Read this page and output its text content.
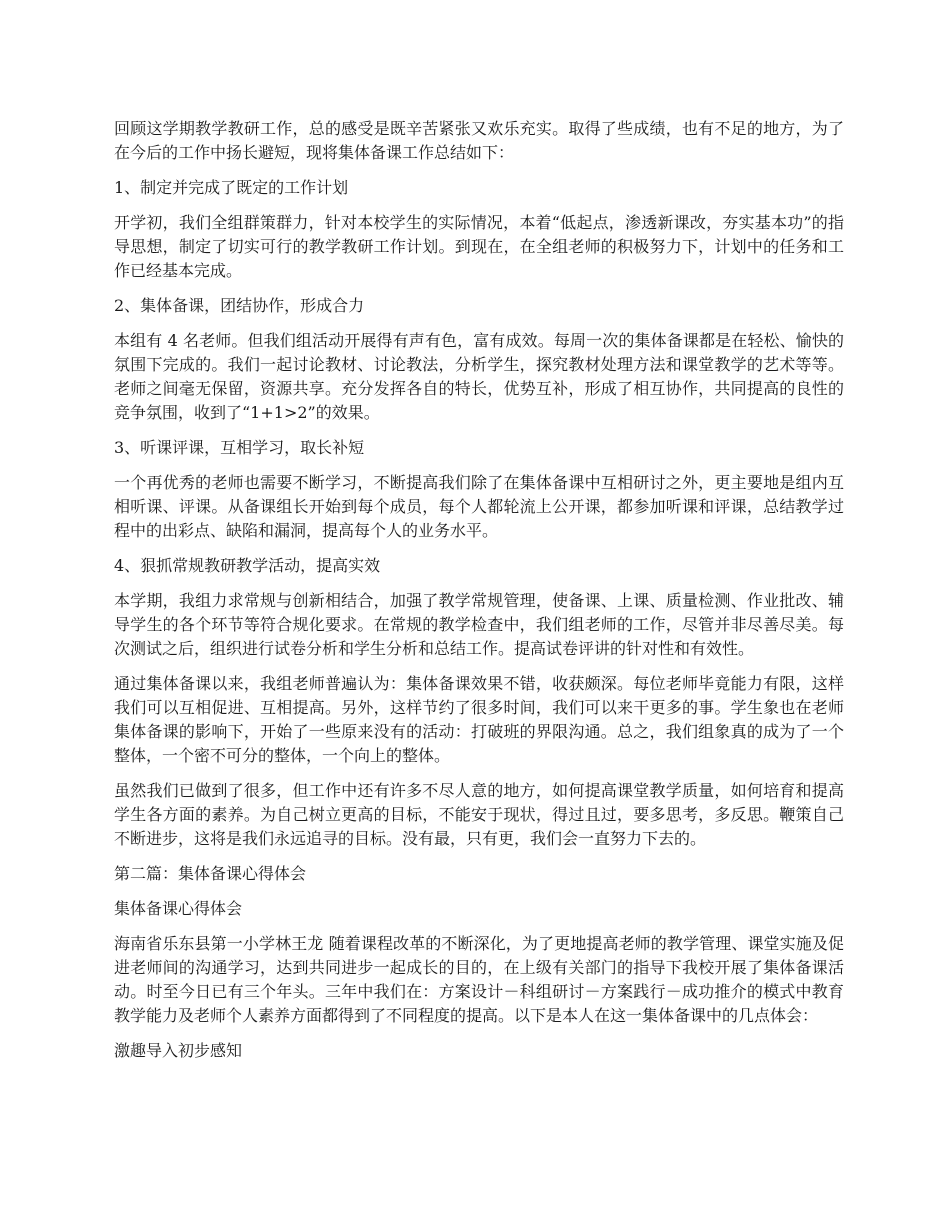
回顾这学期教学教研工作，总的感受是既辛苦紧张又欢乐充实。取得了些成绩，也有不足的地方，为了在今后的工作中扬长避短，现将集体备课工作总结如下：

1、制定并完成了既定的工作计划

开学初，我们全组群策群力，针对本校学生的实际情况，本着“低起点，渗透新课改，夯实基本功”的指导思想，制定了切实可行的教学教研工作计划。到现在，在全组老师的积极努力下，计划中的任务和工作已经基本完成。

2、集体备课，团结协作，形成合力

本组有 4 名老师。但我们组活动开展得有声有色，富有成效。每周一次的集体备课都是在轻松、愉快的氛围下完成的。我们一起讨论教材、讨论教法，分析学生，探究教材处理方法和课堂教学的艺术等等。老师之间毫无保留，资源共享。充分发挥各自的特长，优势互补，形成了相互协作，共同提高的良性的竞争氛围，收到了“1+1>2”的效果。

3、听课评课，互相学习，取长补短

一个再优秀的老师也需要不断学习，不断提高我们除了在集体备课中互相研讨之外，更主要地是组内互相听课、评课。从备课组长开始到每个成员，每个人都轮流上公开课，都参加听课和评课，总结教学过程中的出彩点、缺陷和漏洞，提高每个人的业务水平。

4、狠抓常规教研教学活动，提高实效

本学期，我组力求常规与创新相结合，加强了教学常规管理，使备课、上课、质量检测、作业批改、辅导学生的各个环节等符合规化要求。在常规的教学检查中，我们组老师的工作，尽管并非尽善尽美。每次测试之后，组织进行试卷分析和学生分析和总结工作。提高试卷评讲的针对性和有效性。

通过集体备课以来，我组老师普遍认为：集体备课效果不错，收获颇深。每位老师毕竟能力有限，这样我们可以互相促进、互相提高。另外，这样节约了很多时间，我们可以来干更多的事。学生象也在老师集体备课的影响下，开始了一些原来没有的活动：打破班的界限沟通。总之，我们组象真的成为了一个整体，一个密不可分的整体，一个向上的整体。

虽然我们已做到了很多，但工作中还有许多不尽人意的地方，如何提高课堂教学质量，如何培育和提高学生各方面的素养。为自己树立更高的目标，不能安于现状，得过且过，要多思考，多反思。鞭策自己不断进步，这将是我们永远追寻的目标。没有最，只有更，我们会一直努力下去的。

第二篇：集体备课心得体会

集体备课心得体会

海南省乐东县第一小学林王龙 随着课程改革的不断深化，为了更地提高老师的教学管理、课堂实施及促进老师间的沟通学习，达到共同进步一起成长的目的，在上级有关部门的指导下我校开展了集体备课活动。时至今日已有三个年头。三年中我们在：方案设计－科组研讨－方案践行－成功推介的模式中教育教学能力及老师个人素养方面都得到了不同程度的提高。以下是本人在这一集体备课中的几点体会：

激趣导入初步感知
